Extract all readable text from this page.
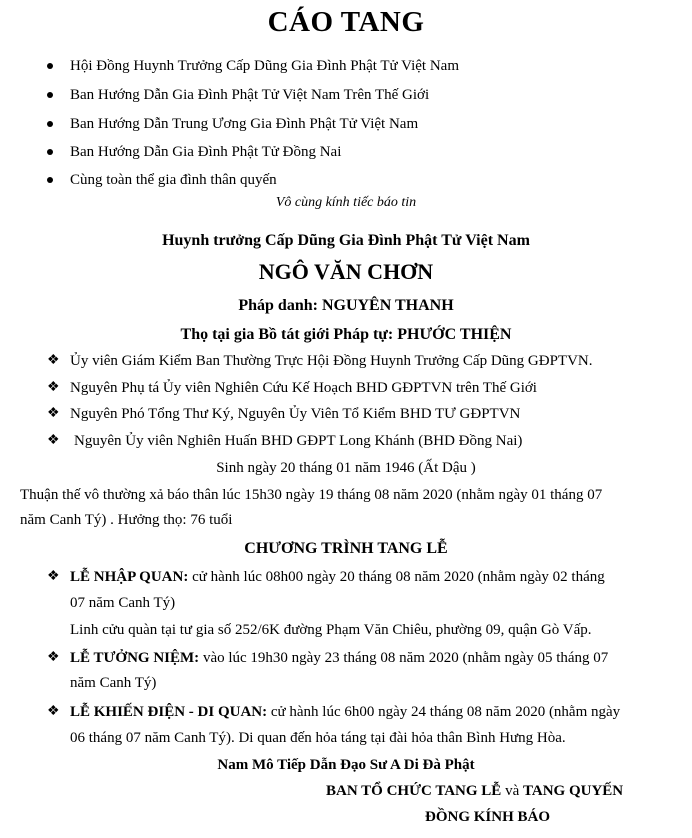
CÁO TANG
Hội Đồng Huynh Trưởng Cấp Dũng Gia Đình Phật Tử Việt Nam
Ban Hướng Dẫn Gia Đình Phật Tử Việt Nam Trên Thế Giới
Ban Hướng Dẫn Trung Ương Gia Đình Phật Tử Việt Nam
Ban Hướng Dẫn Gia Đình Phật Tử Đồng Nai
Cùng toàn thể gia đình thân quyến
Vô cùng kính tiếc báo tin
Huynh trưởng Cấp Dũng Gia Đình Phật Tử Việt Nam
NGÔ VĂN CHƠN
Pháp danh: NGUYÊN THANH
Thọ tại gia Bồ tát giới Pháp tự: PHƯỚC THIỆN
❖ Ủy viên Giám Kiểm Ban Thường Trực Hội Đồng Huynh Trưởng Cấp Dũng GĐPTVN.
❖ Nguyên Phụ tá Ủy viên Nghiên Cứu Kế Hoạch BHD GĐPTVN trên Thế Giới
❖ Nguyên Phó Tổng Thư Ký, Nguyên Ủy Viên Tổ Kiểm BHD TƯ GĐPTVN
❖ Nguyên Ủy viên Nghiên Huấn BHD GĐPT Long Khánh (BHD Đồng Nai)
Sinh ngày 20 tháng 01 năm 1946 (Ất Dậu )
Thuận thế vô thường xả báo thân lúc 15h30 ngày 19 tháng 08 năm 2020 (nhằm ngày 01 tháng 07
năm Canh Tý) . Hưởng thọ: 76 tuổi
CHƯƠNG TRÌNH TANG LỄ
❖ LỄ NHẬP QUAN: cử hành lúc 08h00 ngày 20 tháng 08 năm 2020 (nhằm ngày 02 tháng
07 năm Canh Tý)
Linh cửu quàn tại tư gia số 252/6K đường Phạm Văn Chiêu, phường 09, quận Gò Vấp.
❖ LỄ TƯỞNG NIỆM: vào lúc 19h30 ngày 23 tháng 08 năm 2020 (nhằm ngày 05 tháng 07
năm Canh Tý)
❖ LỄ KHIẾN ĐIỆN - DI QUAN: cử hành lúc 6h00 ngày 24 tháng 08 năm 2020 (nhằm ngày
06 tháng 07 năm Canh Tý). Di quan đến hỏa táng tại đài hỏa thân Bình Hưng Hòa.
Nam Mô Tiếp Dẫn Đạo Sư A Di Đà Phật
BAN TỔ CHỨC TANG LỄ và TANG QUYẾN
ĐỒNG KÍNH BÁO
